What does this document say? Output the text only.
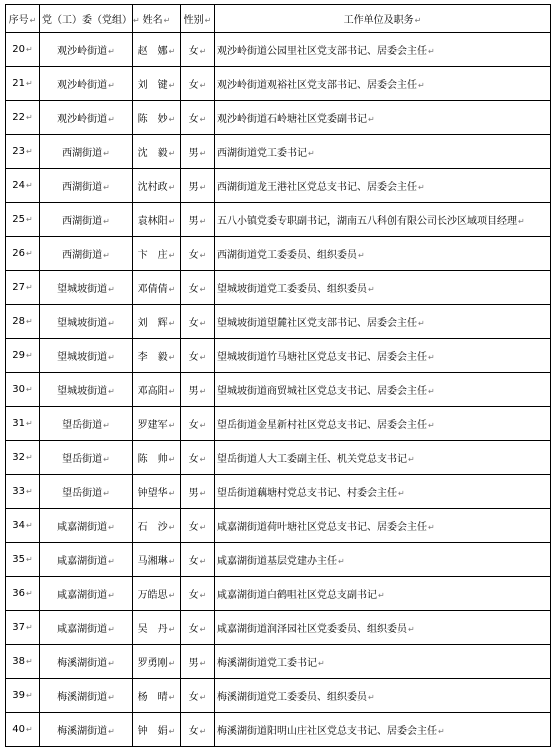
序号↵	党（工）委（党组）↵	姓名↵	性别↵	工作单位及职务↵
20↵	观沙岭街道↵	赵　娜↵	女↵	观沙岭街道公园里社区党支部书记、居委会主任↵
21↵	观沙岭街道↵	刘　键↵	女↵	观沙岭街道观裕社区党支部书记、居委会主任↵
22↵	观沙岭街道↵	陈　妙↵	女↵	观沙岭街道石岭塘社区党委副书记↵
23↵	西湖街道↵	沈　毅↵	男↵	西湖街道党工委书记↵
24↵	西湖街道↵	沈村政↵	男↵	西湖街道龙王港社区党总支书记、居委会主任↵
25↵	西湖街道↵	袁林阳↵	男↵	五八小镇党委专职副书记，湖南五八科创有限公司长沙区域项目经理↵
26↵	西湖街道↵	卞　庄↵	女↵	西湖街道党工委委员、组织委员↵
27↵	望城坡街道↵	邓倩倩↵	女↵	望城坡街道党工委委员、组织委员↵
28↵	望城坡街道↵	刘　辉↵	女↵	望城坡街道望麓社区党支部书记、居委会主任↵
29↵	望城坡街道↵	李　毅↵	女↵	望城坡街道竹马塘社区党总支书记、居委会主任↵
30↵	望城坡街道↵	邓高阳↵	男↵	望城坡街道商贸城社区党总支书记、居委会主任↵
31↵	望岳街道↵	罗建军↵	女↵	望岳街道金星新村社区党总支书记、居委会主任↵
32↵	望岳街道↵	陈　帅↵	女↵	望岳街道人大工委副主任、机关党总支书记↵
33↵	望岳街道↵	钟望华↵	男↵	望岳街道藕塘村党总支书记、村委会主任↵
34↵	咸嘉湖街道↵	石　沙↵	女↵	咸嘉湖街道荷叶塘社区党总支书记、居委会主任↵
35↵	咸嘉湖街道↵	马湘琳↵	女↵	咸嘉湖街道基层党建办主任↵
36↵	咸嘉湖街道↵	万皓思↵	女↵	咸嘉湖街道白鹤咀社区党总支副书记↵
37↵	咸嘉湖街道↵	吴　丹↵	女↵	咸嘉湖街道润泽园社区党委委员、组织委员↵
38↵	梅溪湖街道↵	罗勇刚↵	男↵	梅溪湖街道党工委书记↵
39↵	梅溪湖街道↵	杨　晴↵	女↵	梅溪湖街道党工委委员、组织委员↵
40↵	梅溪湖街道↵	钟　娟↵	女↵	梅溪湖街道阳明山庄社区党总支书记、居委会主任↵
